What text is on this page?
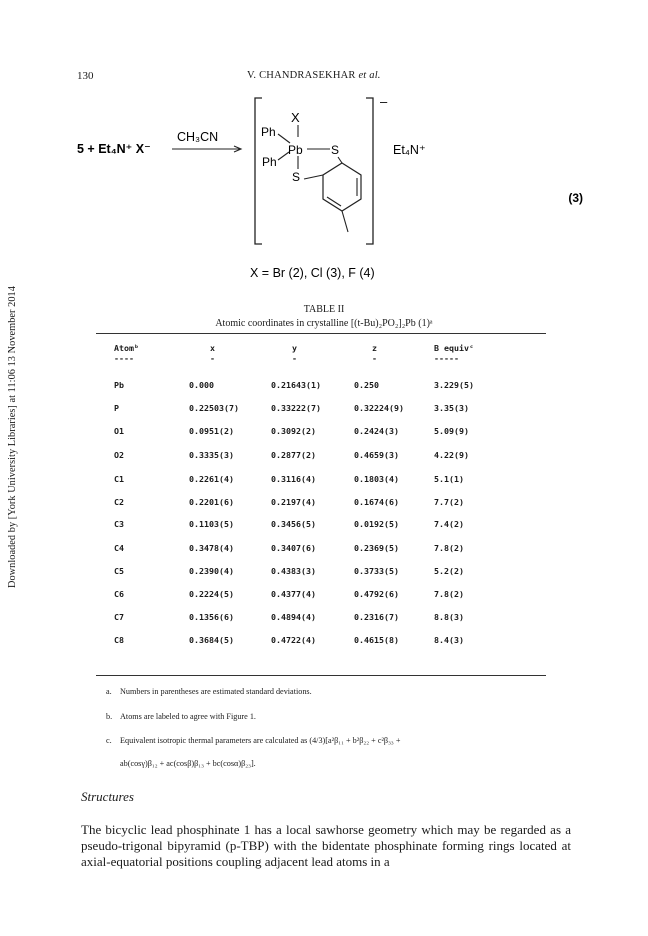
Downloaded by [York University Libraries] at 11:06 13 November 2014
130	V. CHANDRASEKHAR et al.
5 + Et₄N⁺ X⁻
CH₃CN
–
Et₄N⁺
X
Ph
Pb
Ph
S
S
(3)
X = Br (2), Cl (3), F (4)
TABLE II
Atomic coordinates in crystalline [(t-Bu)₂PO₂]₂Pb (1)ᵃ
Atomᵇ	x	y	z	B equivᶜ
----	-	-	-	-----
Pb	0.000	0.21643(1)	0.250	3.229(5)
P	0.22503(7)	0.33222(7)	0.32224(9)	3.35(3)
O1	0.0951(2)	0.3092(2)	0.2424(3)	5.09(9)
O2	0.3335(3)	0.2877(2)	0.4659(3)	4.22(9)
C1	0.2261(4)	0.3116(4)	0.1803(4)	5.1(1)
C2	0.2201(6)	0.2197(4)	0.1674(6)	7.7(2)
C3	0.1103(5)	0.3456(5)	0.0192(5)	7.4(2)
C4	0.3478(4)	0.3407(6)	0.2369(5)	7.8(2)
C5	0.2390(4)	0.4383(3)	0.3733(5)	5.2(2)
C6	0.2224(5)	0.4377(4)	0.4792(6)	7.8(2)
C7	0.1356(6)	0.4894(4)	0.2316(7)	8.8(3)
C8	0.3684(5)	0.4722(4)	0.4615(8)	8.4(3)
a. Numbers in parentheses are estimated standard deviations.
b. Atoms are labeled to agree with Figure 1.
c. Equivalent isotropic thermal parameters are calculated as (4/3)[a²β₁₁ + b²β₂₂ + c²β₃₃ +
ab(cosγ)β₁₂ + ac(cosβ)β₁₃ + bc(cosα)β₂₃].
Structures
The bicyclic lead phosphinate 1 has a local sawhorse geometry which may be regarded as a pseudo-trigonal bipyramid (p-TBP) with the bidentate phosphinate forming rings located at axial-equatorial positions coupling adjacent lead atoms in a
